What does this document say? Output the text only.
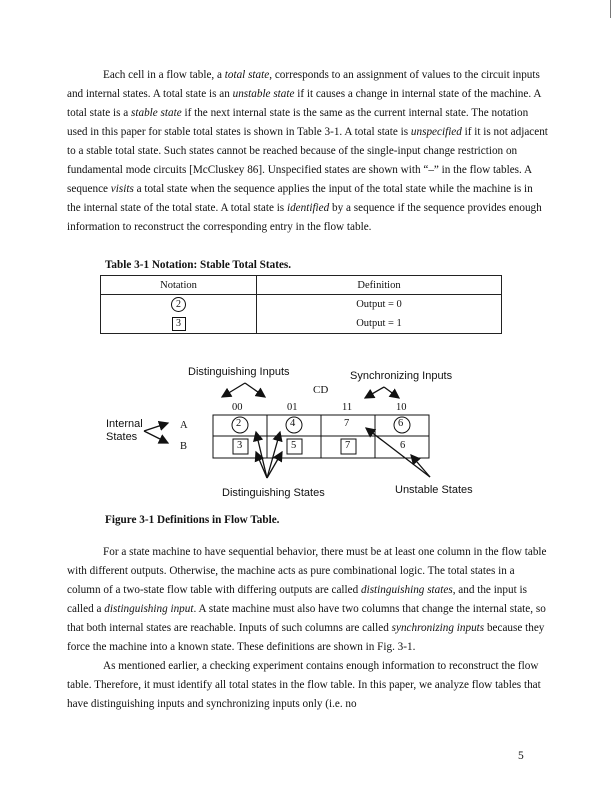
Each cell in a flow table, a total state, corresponds to an assignment of values to the circuit inputs and internal states. A total state is an unstable state if it causes a change in internal state of the machine. A total state is a stable state if the next internal state is the same as the current internal state. The notation used in this paper for stable total states is shown in Table 3-1. A total state is unspecified if it is not adjacent to a stable total state. Such states cannot be reached because of the single-input change restriction on fundamental mode circuits [McCluskey 86]. Unspecified states are shown with “–” in the flow tables. A sequence visits a total state when the sequence applies the input of the total state while the machine is in the internal state of the total state. A total state is identified by a sequence if the sequence provides enough information to reconstruct the corresponding entry in the flow table.

Table 3-1 Notation: Stable Total States.
Notation	Definition
2	Output = 0
3	Output = 1
Distinguishing Inputs	Synchronizing Inputs
CD
00	01	11	10
Internal
States
A
B
2	4	7	6
3	5	7	6
Distinguishing States	Unstable States
Figure 3-1 Definitions in Flow Table.

For a state machine to have sequential behavior, there must be at least one column in the flow table with different outputs. Otherwise, the machine acts as pure combinational logic. The total states in a column of a two-state flow table with differing outputs are called distinguishing states, and the input is called a distinguishing input. A state machine must also have two columns that change the internal state, so that both internal states are reachable. Inputs of such columns are called synchronizing inputs because they force the machine into a known state. These definitions are shown in Fig. 3-1.

As mentioned earlier, a checking experiment contains enough information to reconstruct the flow table. Therefore, it must identify all total states in the flow table. In this paper, we analyze flow tables that have distinguishing inputs and synchronizing inputs only (i.e. no

5
